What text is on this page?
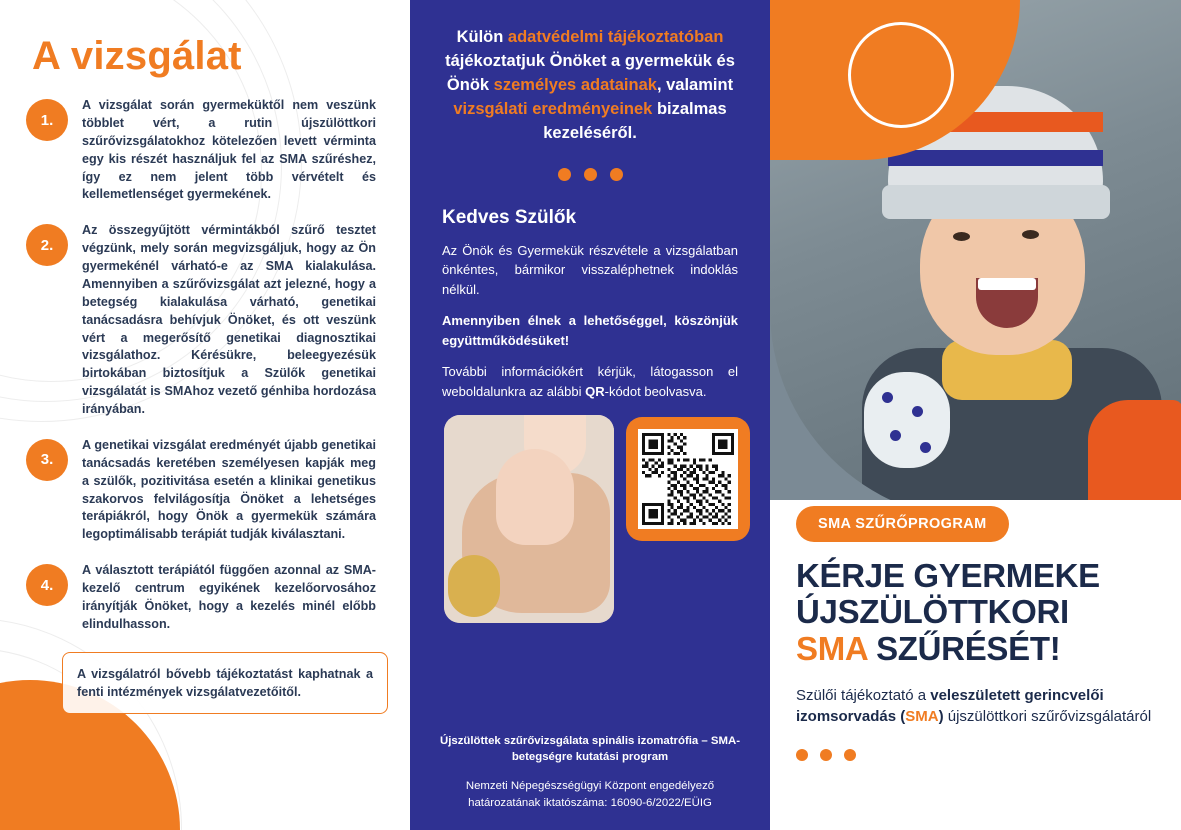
A vizsgálat
1.
A vizsgálat során gyermeküktől nem veszünk többlet vért, a rutin újszülöttkori szűrővizsgálatokhoz kötelezően levett vérminta egy kis részét használjuk fel az SMA szűréshez, így ez nem jelent több vérvételt és kellemetlenséget gyermekének.
2.
Az összegyűjtött vérmintákból szűrő tesztet végzünk, mely során megvizsgáljuk, hogy az Ön gyermekénél várható-e az SMA kialakulása. Amennyiben a szűrővizsgálat azt jelezné, hogy a betegség kialakulása várható, genetikai tanácsadásra behívjuk Önöket, és ott veszünk vért a megerősítő genetikai diagnosztikai vizsgálathoz. Kérésükre, beleegyezésük birtokában biztosítjuk a Szülők genetikai vizsgálatát is SMAhoz vezető génhiba hordozása irányában.
3.
A genetikai vizsgálat eredményét újabb genetikai tanácsadás keretében személyesen kapják meg a szülők, pozitivitása esetén a klinikai genetikus szakorvos felvilágosítja Önöket a lehetséges terápiákról, hogy Önök a gyermekük számára legoptimálisabb terápiát tudják kiválasztani.
4.
A választott terápiától függően azonnal az SMA-kezelő centrum egyikének kezelőorvosához irányítják Önöket, hogy a kezelés minél előbb elindulhasson.
A vizsgálatról bővebb tájékoztatást kaphatnak a fenti intézmények vizsgálatvezetőitől.

Külön adatvédelmi tájékoztatóban tájékoztatjuk Önöket a gyermekük és Önök személyes adatainak, valamint vizsgálati eredményeinek bizalmas kezeléséről.

Kedves Szülők

Az Önök és Gyermekük részvétele a vizsgálatban önkéntes, bármikor visszaléphetnek indoklás nélkül.

Amennyiben élnek a lehetőséggel, köszönjük együttműködésüket!

További információkért kérjük, látogasson el weboldalunkra az alábbi QR-kódot beolvasva.

Újszülöttek szűrővizsgálata spinális izomatrófia – SMA-betegségre kutatási program
Nemzeti Népegészségügyi Központ engedélyező határozatának iktatószáma: 16090-6/2022/EÜIG
SMA SZŰRŐPROGRAM
KÉRJE GYERMEKE
ÚJSZÜLÖTTKORI
SMA SZŰRÉSÉT!

Szülői tájékoztató a veleszületett gerincvelői izomsorvadás (SMA) újszülöttkori szűrővizsgálatáról
